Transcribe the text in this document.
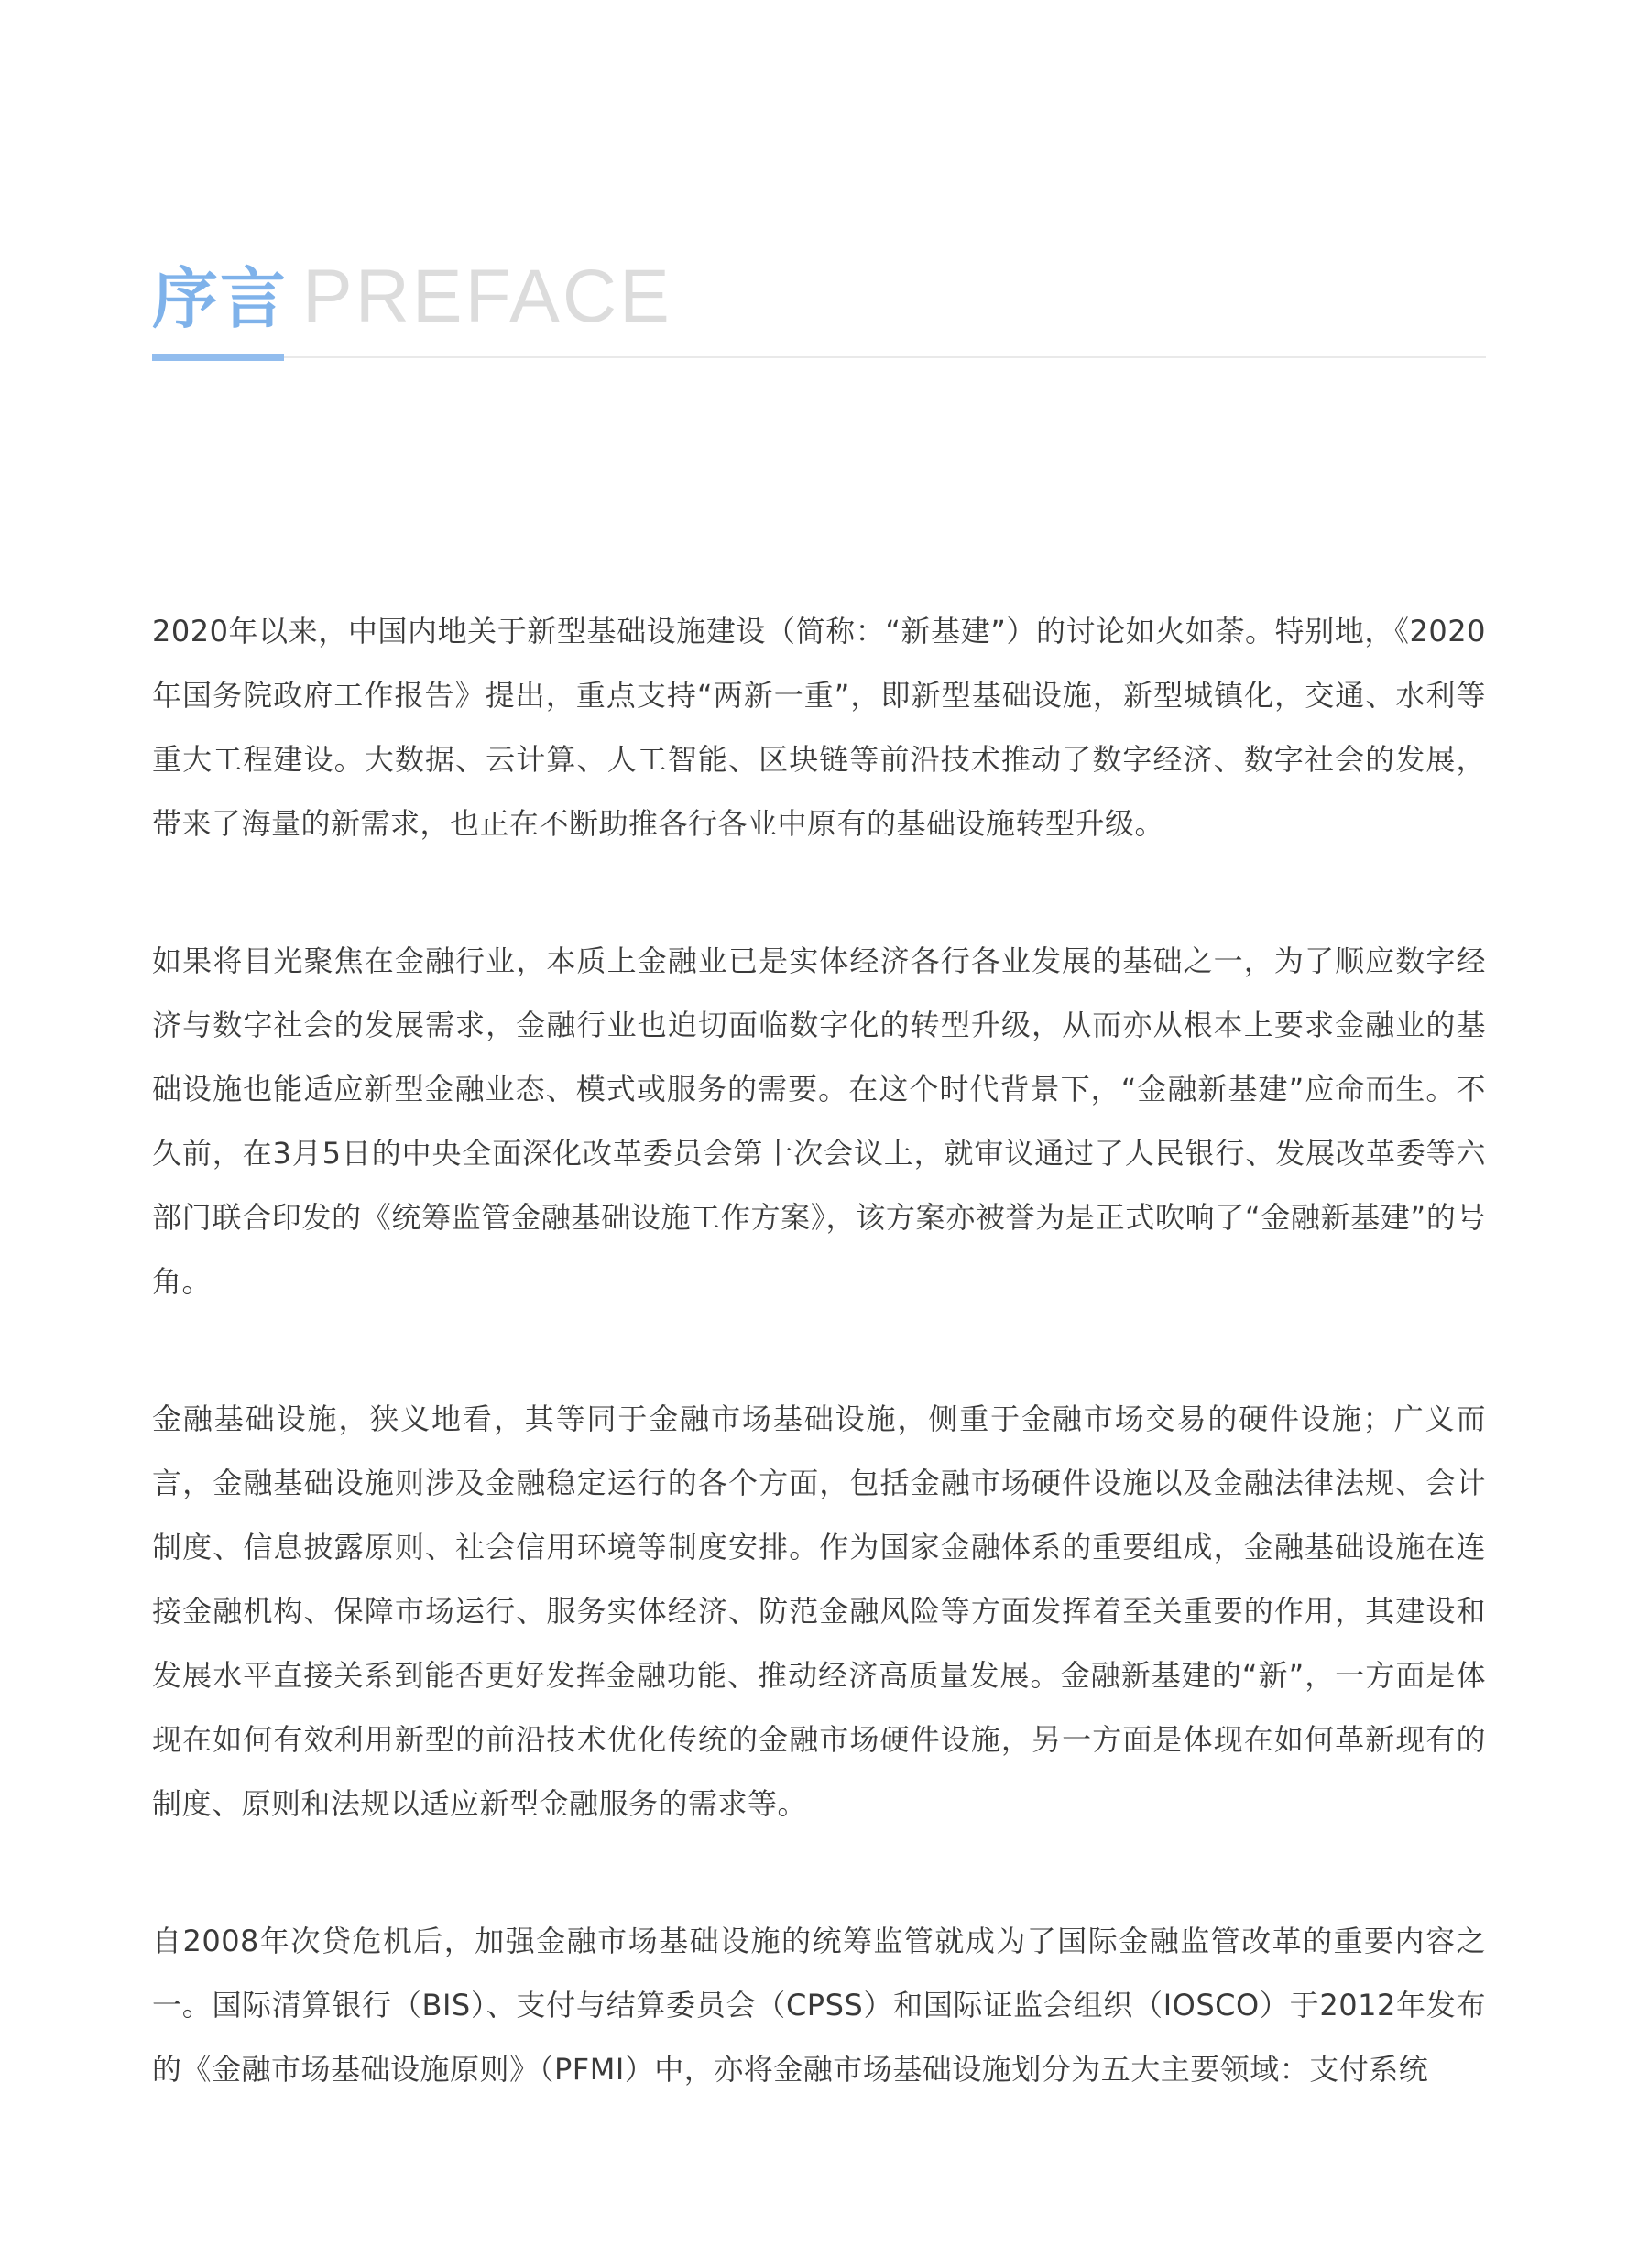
序言 PREFACE

2020年以来，中国内地关于新型基础设施建设（简称：“新基建”）的讨论如火如荼。特别地，《2020年国务院政府工作报告》提出，重点支持“两新一重”，即新型基础设施，新型城镇化，交通、水利等重大工程建设。大数据、云计算、人工智能、区块链等前沿技术推动了数字经济、数字社会的发展，带来了海量的新需求，也正在不断助推各行各业中原有的基础设施转型升级。

如果将目光聚焦在金融行业，本质上金融业已是实体经济各行各业发展的基础之一，为了顺应数字经济与数字社会的发展需求，金融行业也迫切面临数字化的转型升级，从而亦从根本上要求金融业的基础设施也能适应新型金融业态、模式或服务的需要。在这个时代背景下，“金融新基建”应命而生。不久前，在3月5日的中央全面深化改革委员会第十次会议上，就审议通过了人民银行、发展改革委等六部门联合印发的《统筹监管金融基础设施工作方案》，该方案亦被誉为是正式吹响了“金融新基建”的号角。

金融基础设施，狭义地看，其等同于金融市场基础设施，侧重于金融市场交易的硬件设施；广义而言，金融基础设施则涉及金融稳定运行的各个方面，包括金融市场硬件设施以及金融法律法规、会计制度、信息披露原则、社会信用环境等制度安排。作为国家金融体系的重要组成，金融基础设施在连接金融机构、保障市场运行、服务实体经济、防范金融风险等方面发挥着至关重要的作用，其建设和发展水平直接关系到能否更好发挥金融功能、推动经济高质量发展。金融新基建的“新”，一方面是体现在如何有效利用新型的前沿技术优化传统的金融市场硬件设施，另一方面是体现在如何革新现有的制度、原则和法规以适应新型金融服务的需求等。

自2008年次贷危机后，加强金融市场基础设施的统筹监管就成为了国际金融监管改革的重要内容之一。国际清算银行（BIS）、支付与结算委员会（CPSS）和国际证监会组织（IOSCO）于2012年发布的《金融市场基础设施原则》（PFMI）中，亦将金融市场基础设施划分为五大主要领域：支付系统
